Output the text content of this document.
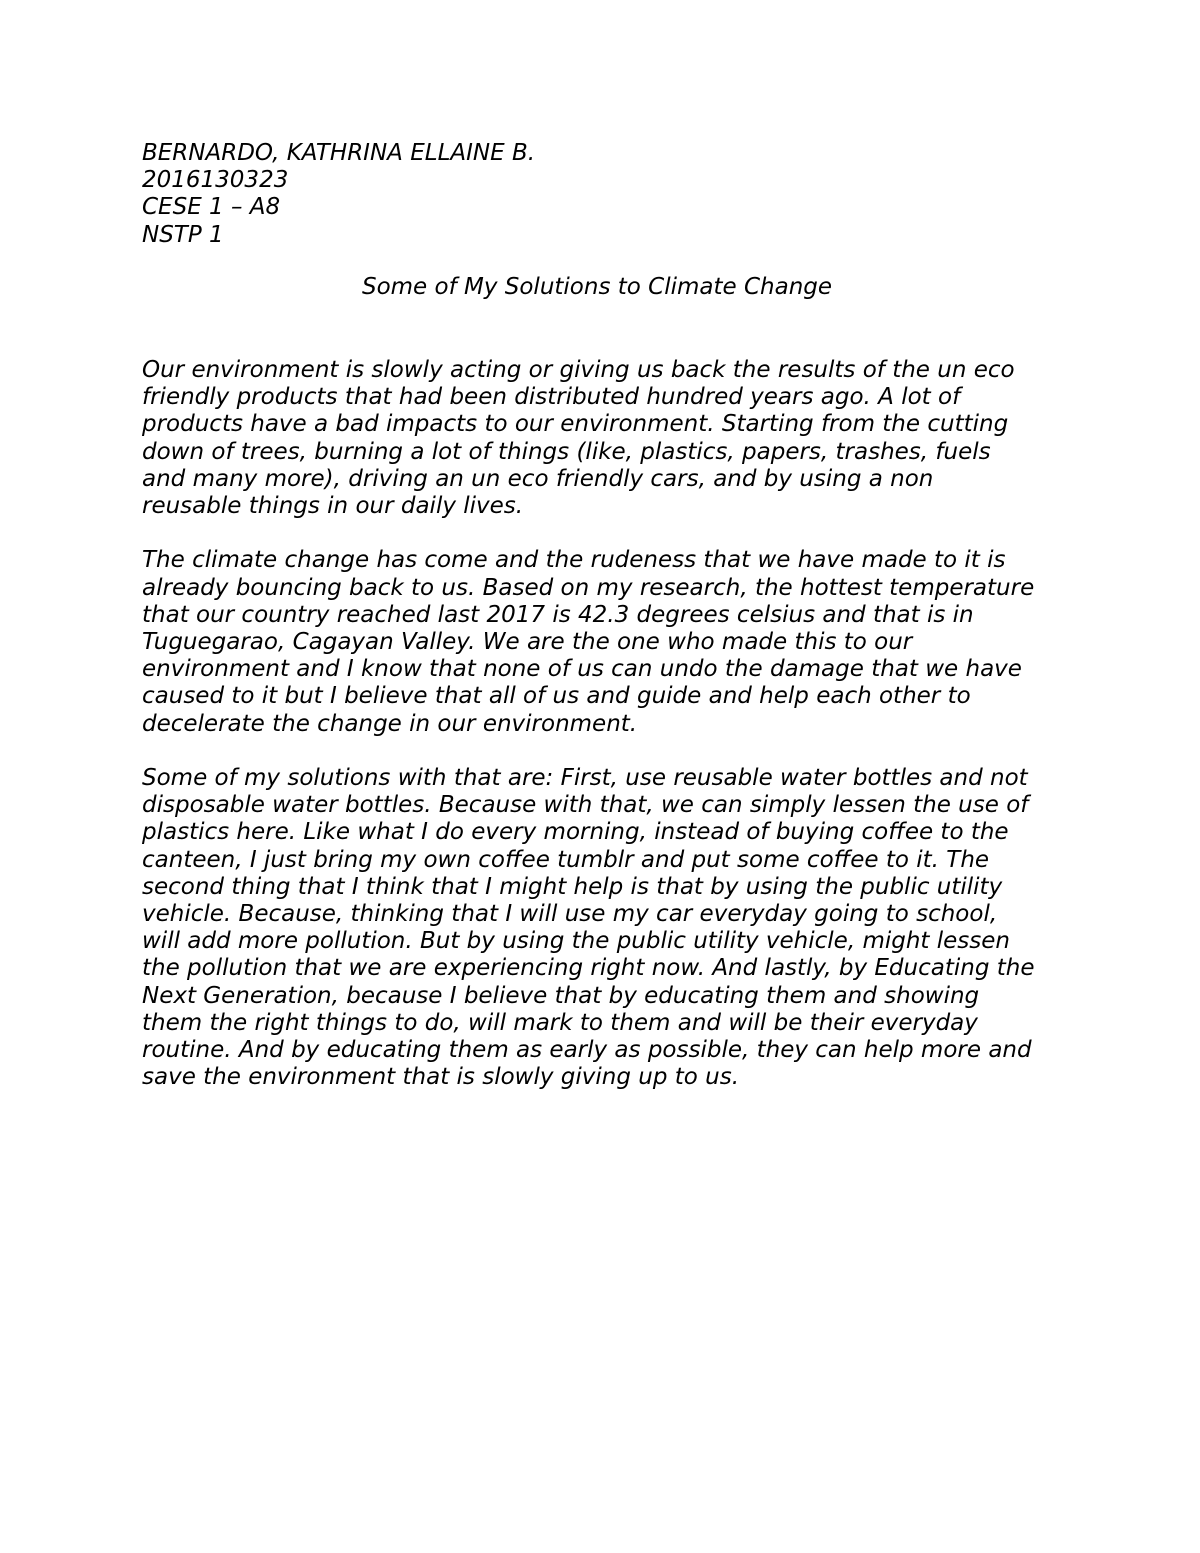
BERNARDO, KATHRINA ELLAINE B.
2016130323
CESE 1 – A8
NSTP 1
Some of My Solutions to Climate Change

Our environment is slowly acting or giving us back the results of the un eco
friendly products that had been distributed hundred years ago. A lot of
products have a bad impacts to our environment. Starting from the cutting
down of trees, burning a lot of things (like, plastics, papers, trashes, fuels
and many more), driving an un eco friendly cars, and by using a non
reusable things in our daily lives.

The climate change has come and the rudeness that we have made to it is
already bouncing back to us. Based on my research, the hottest temperature
that our country reached last 2017 is 42.3 degrees celsius and that is in
Tuguegarao, Cagayan Valley. We are the one who made this to our
environment and I know that none of us can undo the damage that we have
caused to it but I believe that all of us and guide and help each other to
decelerate the change in our environment.

Some of my solutions with that are: First, use reusable water bottles and not
disposable water bottles. Because with that, we can simply lessen the use of
plastics here. Like what I do every morning, instead of buying coffee to the
canteen, I just bring my own coffee tumblr and put some coffee to it. The
second thing that I think that I might help is that by using the public utility
vehicle. Because, thinking that I will use my car everyday going to school,
will add more pollution. But by using the public utility vehicle, might lessen
the pollution that we are experiencing right now. And lastly, by Educating the
Next Generation, because I believe that by educating them and showing
them the right things to do, will mark to them and will be their everyday
routine. And by educating them as early as possible, they can help more and
save the environment that is slowly giving up to us.
